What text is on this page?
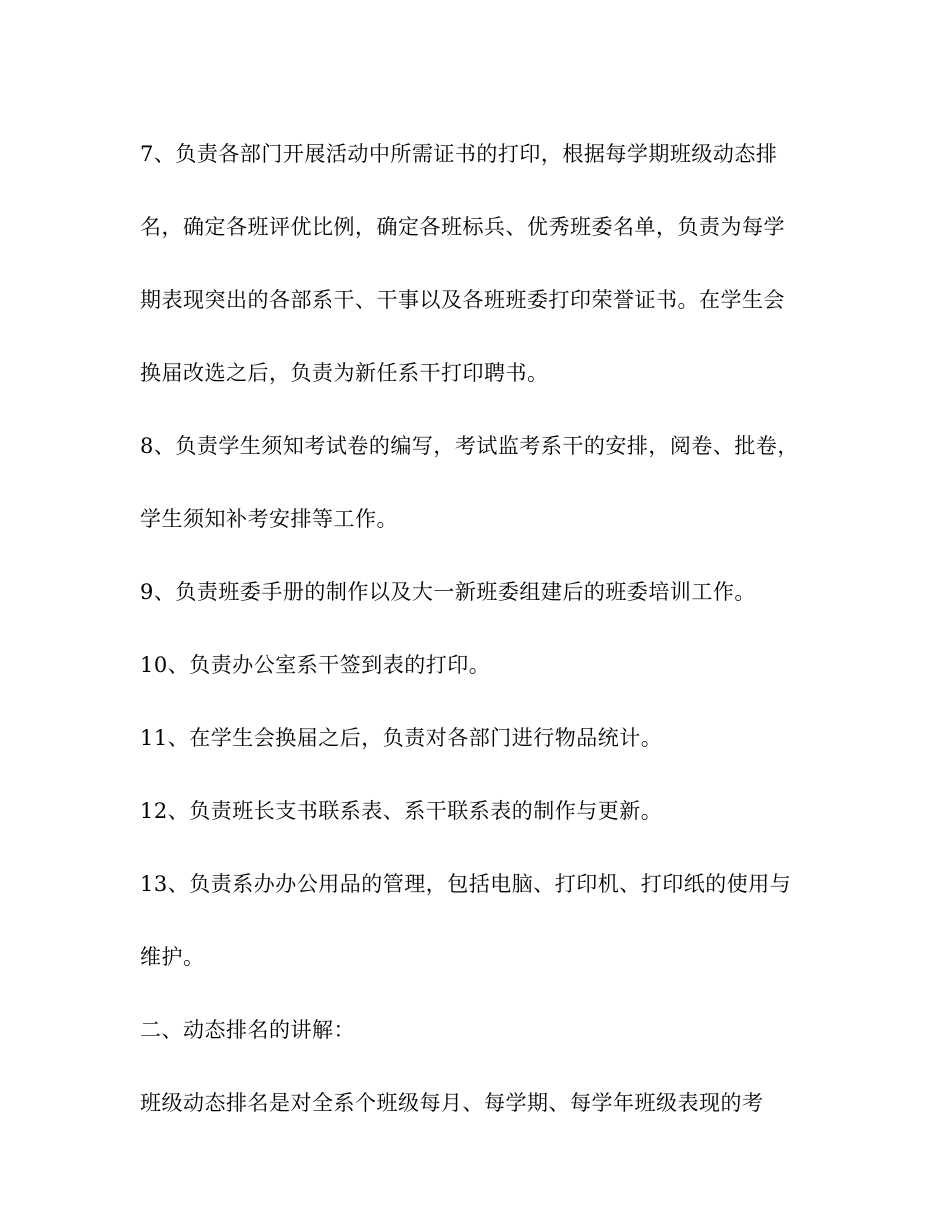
7、负责各部门开展活动中所需证书的打印，根据每学期班级动态排
名，确定各班评优比例，确定各班标兵、优秀班委名单，负责为每学
期表现突出的各部系干、干事以及各班班委打印荣誉证书。在学生会
换届改选之后，负责为新任系干打印聘书。
8、负责学生须知考试卷的编写，考试监考系干的安排，阅卷、批卷，
学生须知补考安排等工作。
9、负责班委手册的制作以及大一新班委组建后的班委培训工作。
10、负责办公室系干签到表的打印。
11、在学生会换届之后，负责对各部门进行物品统计。
12、负责班长支书联系表、系干联系表的制作与更新。
13、负责系办办公用品的管理，包括电脑、打印机、打印纸的使用与
维护。
二、动态排名的讲解：
班级动态排名是对全系个班级每月、每学期、每学年班级表现的考
